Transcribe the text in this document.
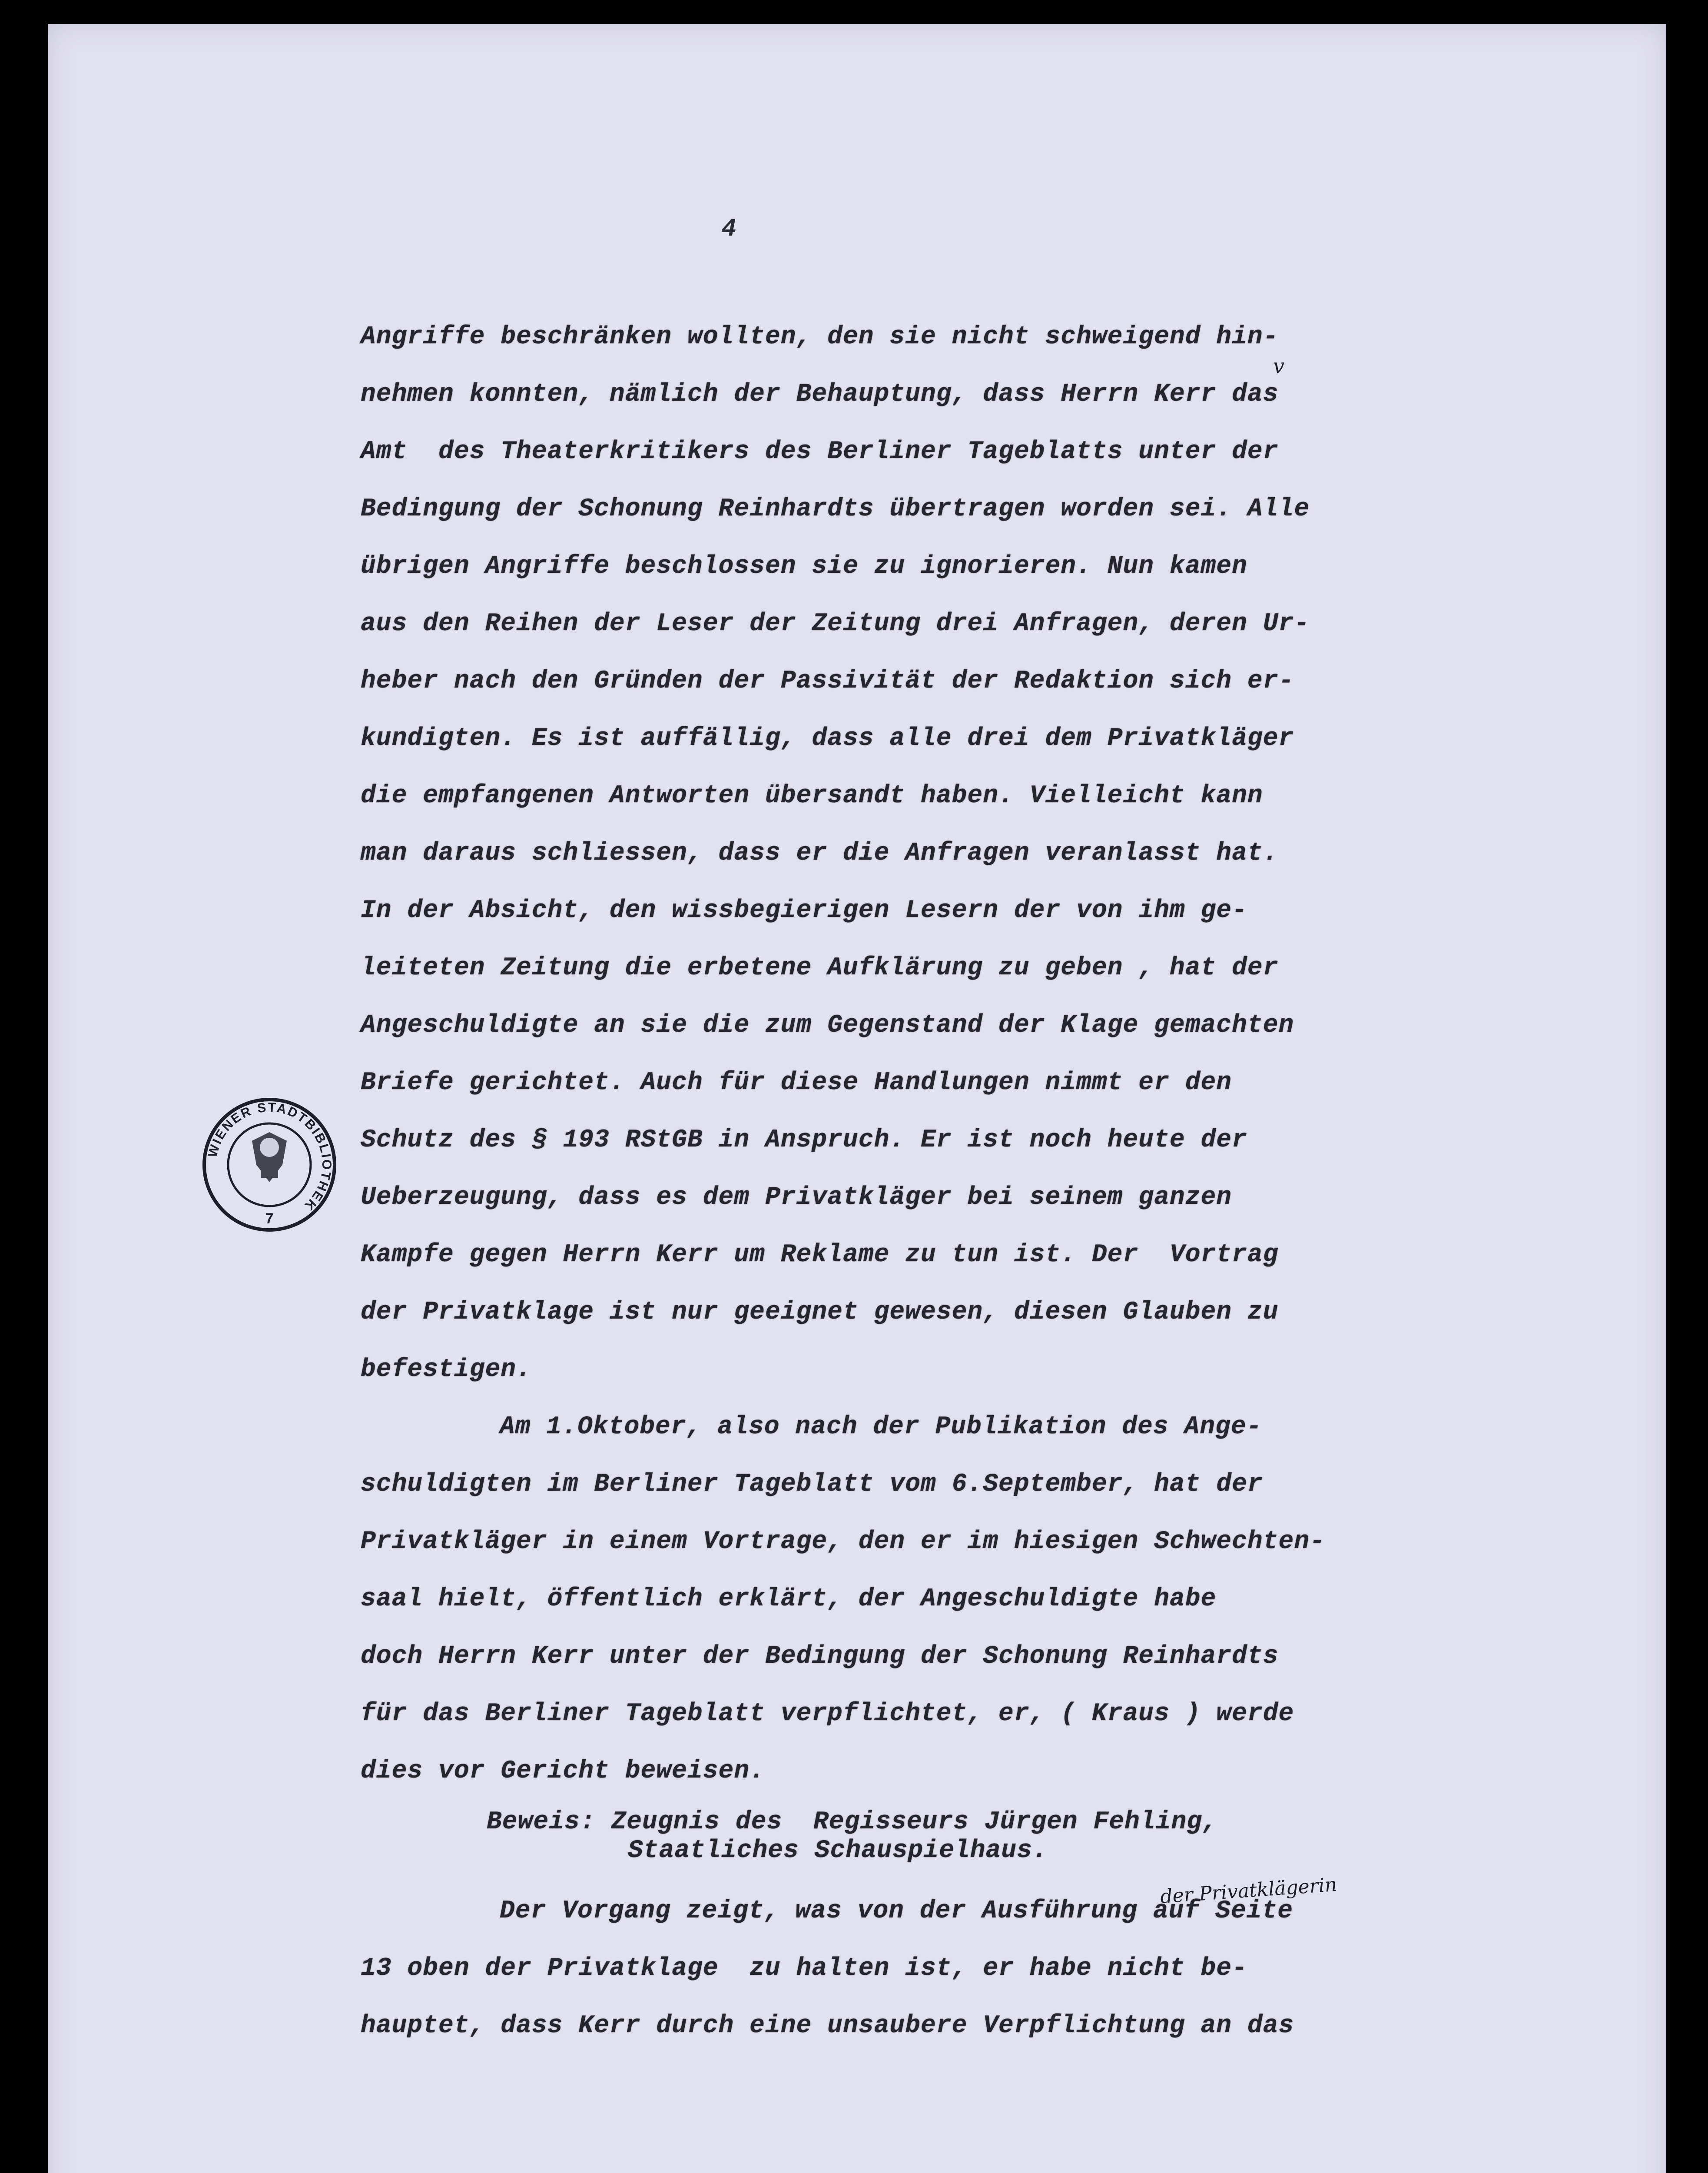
4
Angriffe beschränken wollten, den sie nicht schweigend hin-
nehmen konnten, nämlich der Behauptung, dass Herrn Kerr das
Amt  des Theaterkritikers des Berliner Tageblatts unter der
Bedingung der Schonung Reinhardts übertragen worden sei. Alle
übrigen Angriffe beschlossen sie zu ignorieren. Nun kamen
aus den Reihen der Leser der Zeitung drei Anfragen, deren Ur-
heber nach den Gründen der Passivität der Redaktion sich er-
kundigten. Es ist auffällig, dass alle drei dem Privatkläger
die empfangenen Antworten übersandt haben. Vielleicht kann
man daraus schliessen, dass er die Anfragen veranlasst hat.
In der Absicht, den wissbegierigen Lesern der von ihm ge-
leiteten Zeitung die erbetene Aufklärung zu geben , hat der
Angeschuldigte an sie die zum Gegenstand der Klage gemachten
Briefe gerichtet. Auch für diese Handlungen nimmt er den
Schutz des § 193 RStGB in Anspruch. Er ist noch heute der
Ueberzeugung, dass es dem Privatkläger bei seinem ganzen
Kampfe gegen Herrn Kerr um Reklame zu tun ist. Der  Vortrag
der Privatklage ist nur geeignet gewesen, diesen Glauben zu
befestigen.
Am 1.Oktober, also nach der Publikation des Ange-
schuldigten im Berliner Tageblatt vom 6.September, hat der
Privatkläger in einem Vortrage, den er im hiesigen Schwechten-
saal hielt, öffentlich erklärt, der Angeschuldigte habe
doch Herrn Kerr unter der Bedingung der Schonung Reinhardts
für das Berliner Tageblatt verpflichtet, er, ( Kraus ) werde
dies vor Gericht beweisen.
Beweis: Zeugnis des  Regisseurs Jürgen Fehling,
Staatliches Schauspielhaus.
Der Vorgang zeigt, was von der Ausführung auf Seite
13 oben der Privatklage  zu halten ist, er habe nicht be-
hauptet, dass Kerr durch eine unsaubere Verpflichtung an das
v
der Privatklägerin
WIENER STADTBIBLIOTHEK
7
